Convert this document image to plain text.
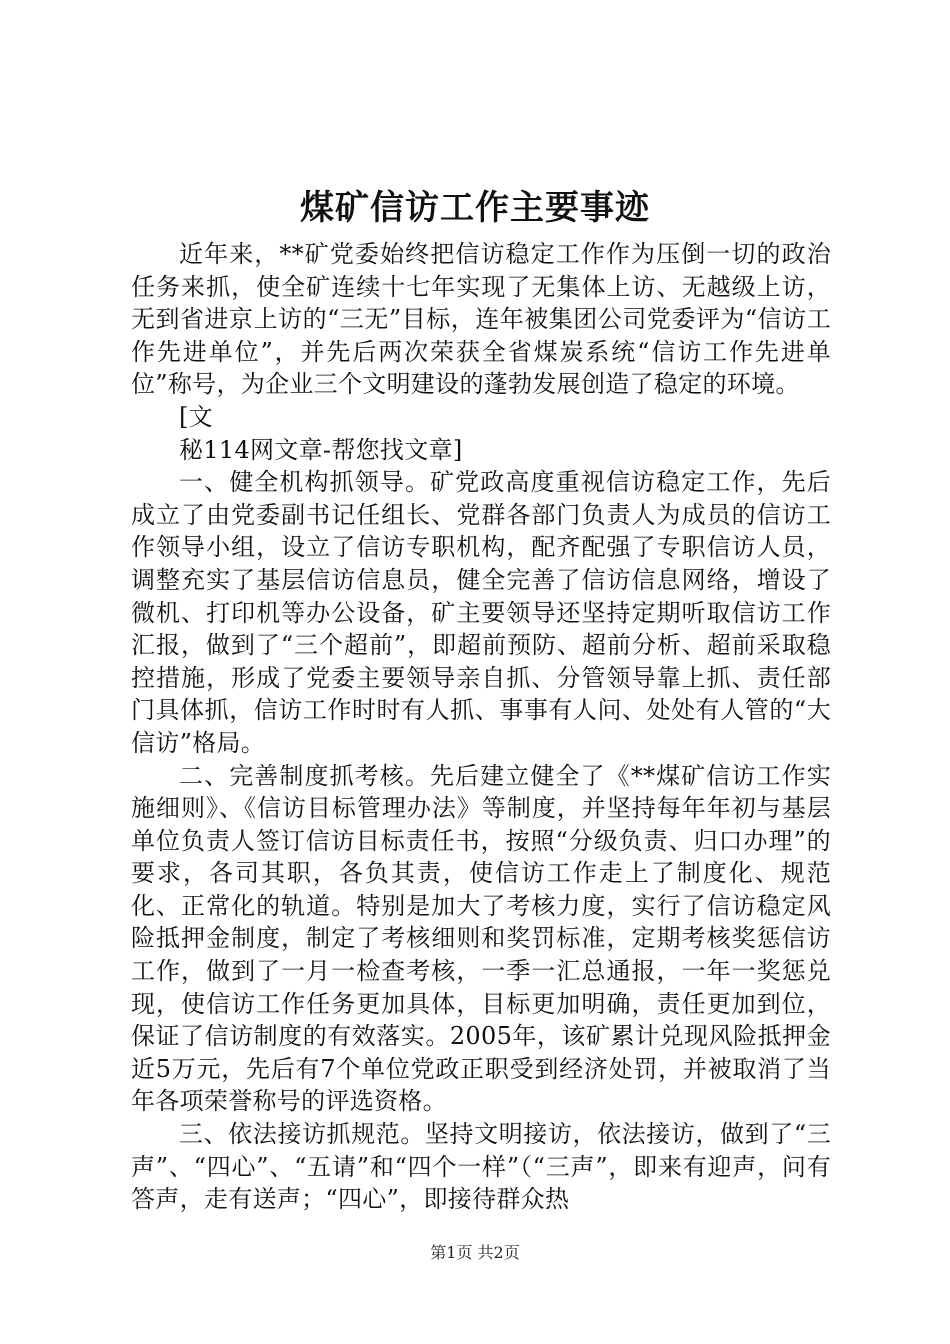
煤矿信访工作主要事迹

近年来，**矿党委始终把信访稳定工作作为压倒一切的政治任务来抓，使全矿连续十七年实现了无集体上访、无越级上访，无到省进京上访的“三无”目标，连年被集团公司党委评为“信访工作先进单位”，并先后两次荣获全省煤炭系统“信访工作先进单位”称号，为企业三个文明建设的蓬勃发展创造了稳定的环境。

[文
秘114网文章-帮您找文章]

一、健全机构抓领导。矿党政高度重视信访稳定工作，先后成立了由党委副书记任组长、党群各部门负责人为成员的信访工作领导小组，设立了信访专职机构，配齐配强了专职信访人员，调整充实了基层信访信息员，健全完善了信访信息网络，增设了微机、打印机等办公设备，矿主要领导还坚持定期听取信访工作汇报，做到了“三个超前”，即超前预防、超前分析、超前采取稳控措施，形成了党委主要领导亲自抓、分管领导靠上抓、责任部门具体抓，信访工作时时有人抓、事事有人问、处处有人管的“大信访”格局。

二、完善制度抓考核。先后建立健全了《**煤矿信访工作实施细则》、《信访目标管理办法》等制度，并坚持每年年初与基层单位负责人签订信访目标责任书，按照“分级负责、归口办理”的要求，各司其职，各负其责，使信访工作走上了制度化、规范化、正常化的轨道。特别是加大了考核力度，实行了信访稳定风险抵押金制度，制定了考核细则和奖罚标准，定期考核奖惩信访工作，做到了一月一检查考核，一季一汇总通报，一年一奖惩兑现，使信访工作任务更加具体，目标更加明确，责任更加到位，保证了信访制度的有效落实。2005年，该矿累计兑现风险抵押金近5万元，先后有7个单位党政正职受到经济处罚，并被取消了当年各项荣誉称号的评选资格。

三、依法接访抓规范。坚持文明接访，依法接访，做到了“三声”、“四心”、“五请”和“四个一样”（“三声”，即来有迎声，问有答声，走有送声；“四心”，即接待群众热

第1页 共2页
